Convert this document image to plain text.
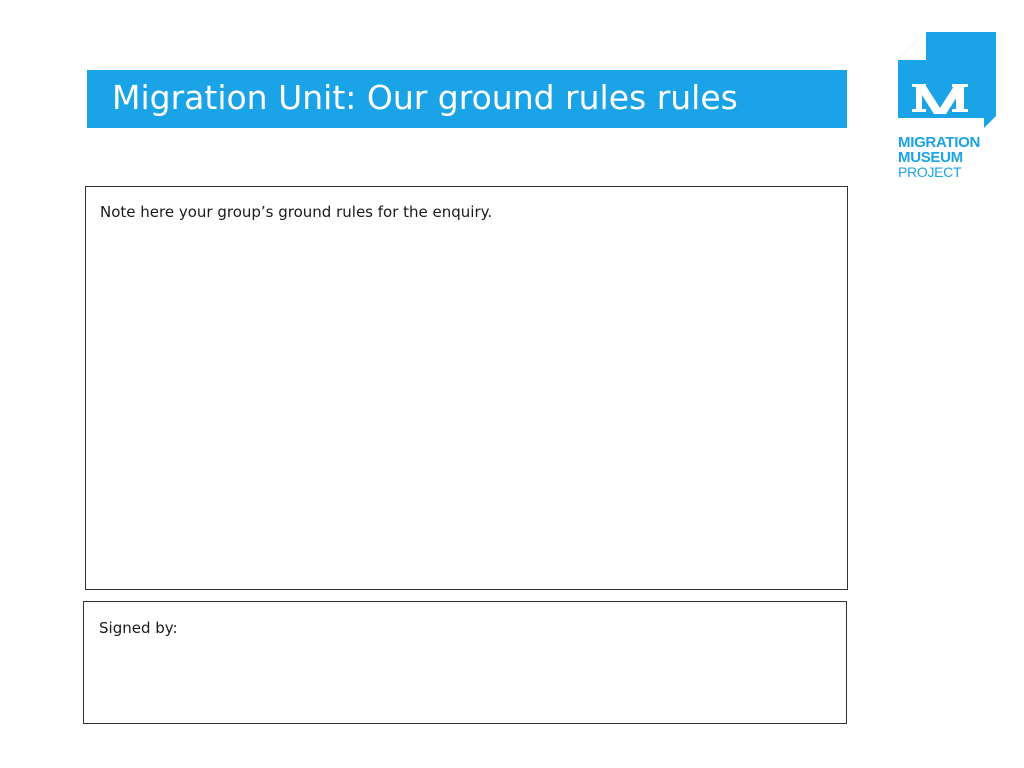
Migration Unit: Our ground rules rules
MIGRATION
MUSEUM
PROJECT
Note here your group’s ground rules for the enquiry.
Signed by:
